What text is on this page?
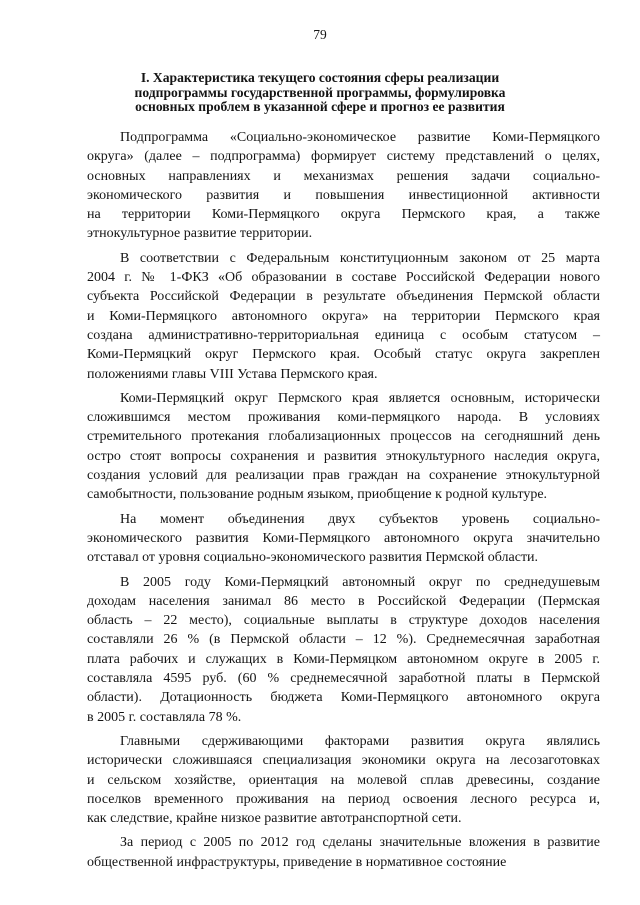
79
I. Характеристика текущего состояния сферы реализации
подпрограммы государственной программы, формулировка
основных проблем в указанной сфере и прогноз ее развития
Подпрограмма «Социально-экономическое развитие Коми-Пермяцкого
округа» (далее – подпрограмма) формирует систему представлений о целях,
основных направлениях и механизмах решения задачи социально-
экономического развития и повышения инвестиционной активности
на территории Коми-Пермяцкого округа Пермского края, а также
этнокультурное развитие территории.
В соответствии с Федеральным конституционным законом от 25 марта
2004 г. № 1-ФКЗ «Об образовании в составе Российской Федерации нового
субъекта Российской Федерации в результате объединения Пермской области
и Коми-Пермяцкого автономного округа» на территории Пермского края
создана административно-территориальная единица с особым статусом –
Коми-Пермяцкий округ Пермского края. Особый статус округа закреплен
положениями главы VIII Устава Пермского края.
Коми-Пермяцкий округ Пермского края является основным, исторически
сложившимся местом проживания коми-пермяцкого народа. В условиях
стремительного протекания глобализационных процессов на сегодняшний день
остро стоят вопросы сохранения и развития этнокультурного наследия округа,
создания условий для реализации прав граждан на сохранение этнокультурной
самобытности, пользование родным языком, приобщение к родной культуре.
На момент объединения двух субъектов уровень социально-
экономического развития Коми-Пермяцкого автономного округа значительно
отставал от уровня социально-экономического развития Пермской области.
В 2005 году Коми-Пермяцкий автономный округ по среднедушевым
доходам населения занимал 86 место в Российской Федерации (Пермская
область – 22 место), социальные выплаты в структуре доходов населения
составляли 26 % (в Пермской области – 12 %). Среднемесячная заработная
плата рабочих и служащих в Коми-Пермяцком автономном округе в 2005 г.
составляла 4595 руб. (60 % среднемесячной заработной платы в Пермской
области). Дотационность бюджета Коми-Пермяцкого автономного округа
в 2005 г. составляла 78 %.
Главными сдерживающими факторами развития округа являлись
исторически сложившаяся специализация экономики округа на лесозаготовках
и сельском хозяйстве, ориентация на молевой сплав древесины, создание
поселков временного проживания на период освоения лесного ресурса и,
как следствие, крайне низкое развитие автотранспортной сети.
За период с 2005 по 2012 год сделаны значительные вложения в развитие
общественной инфраструктуры, приведение в нормативное состояние
